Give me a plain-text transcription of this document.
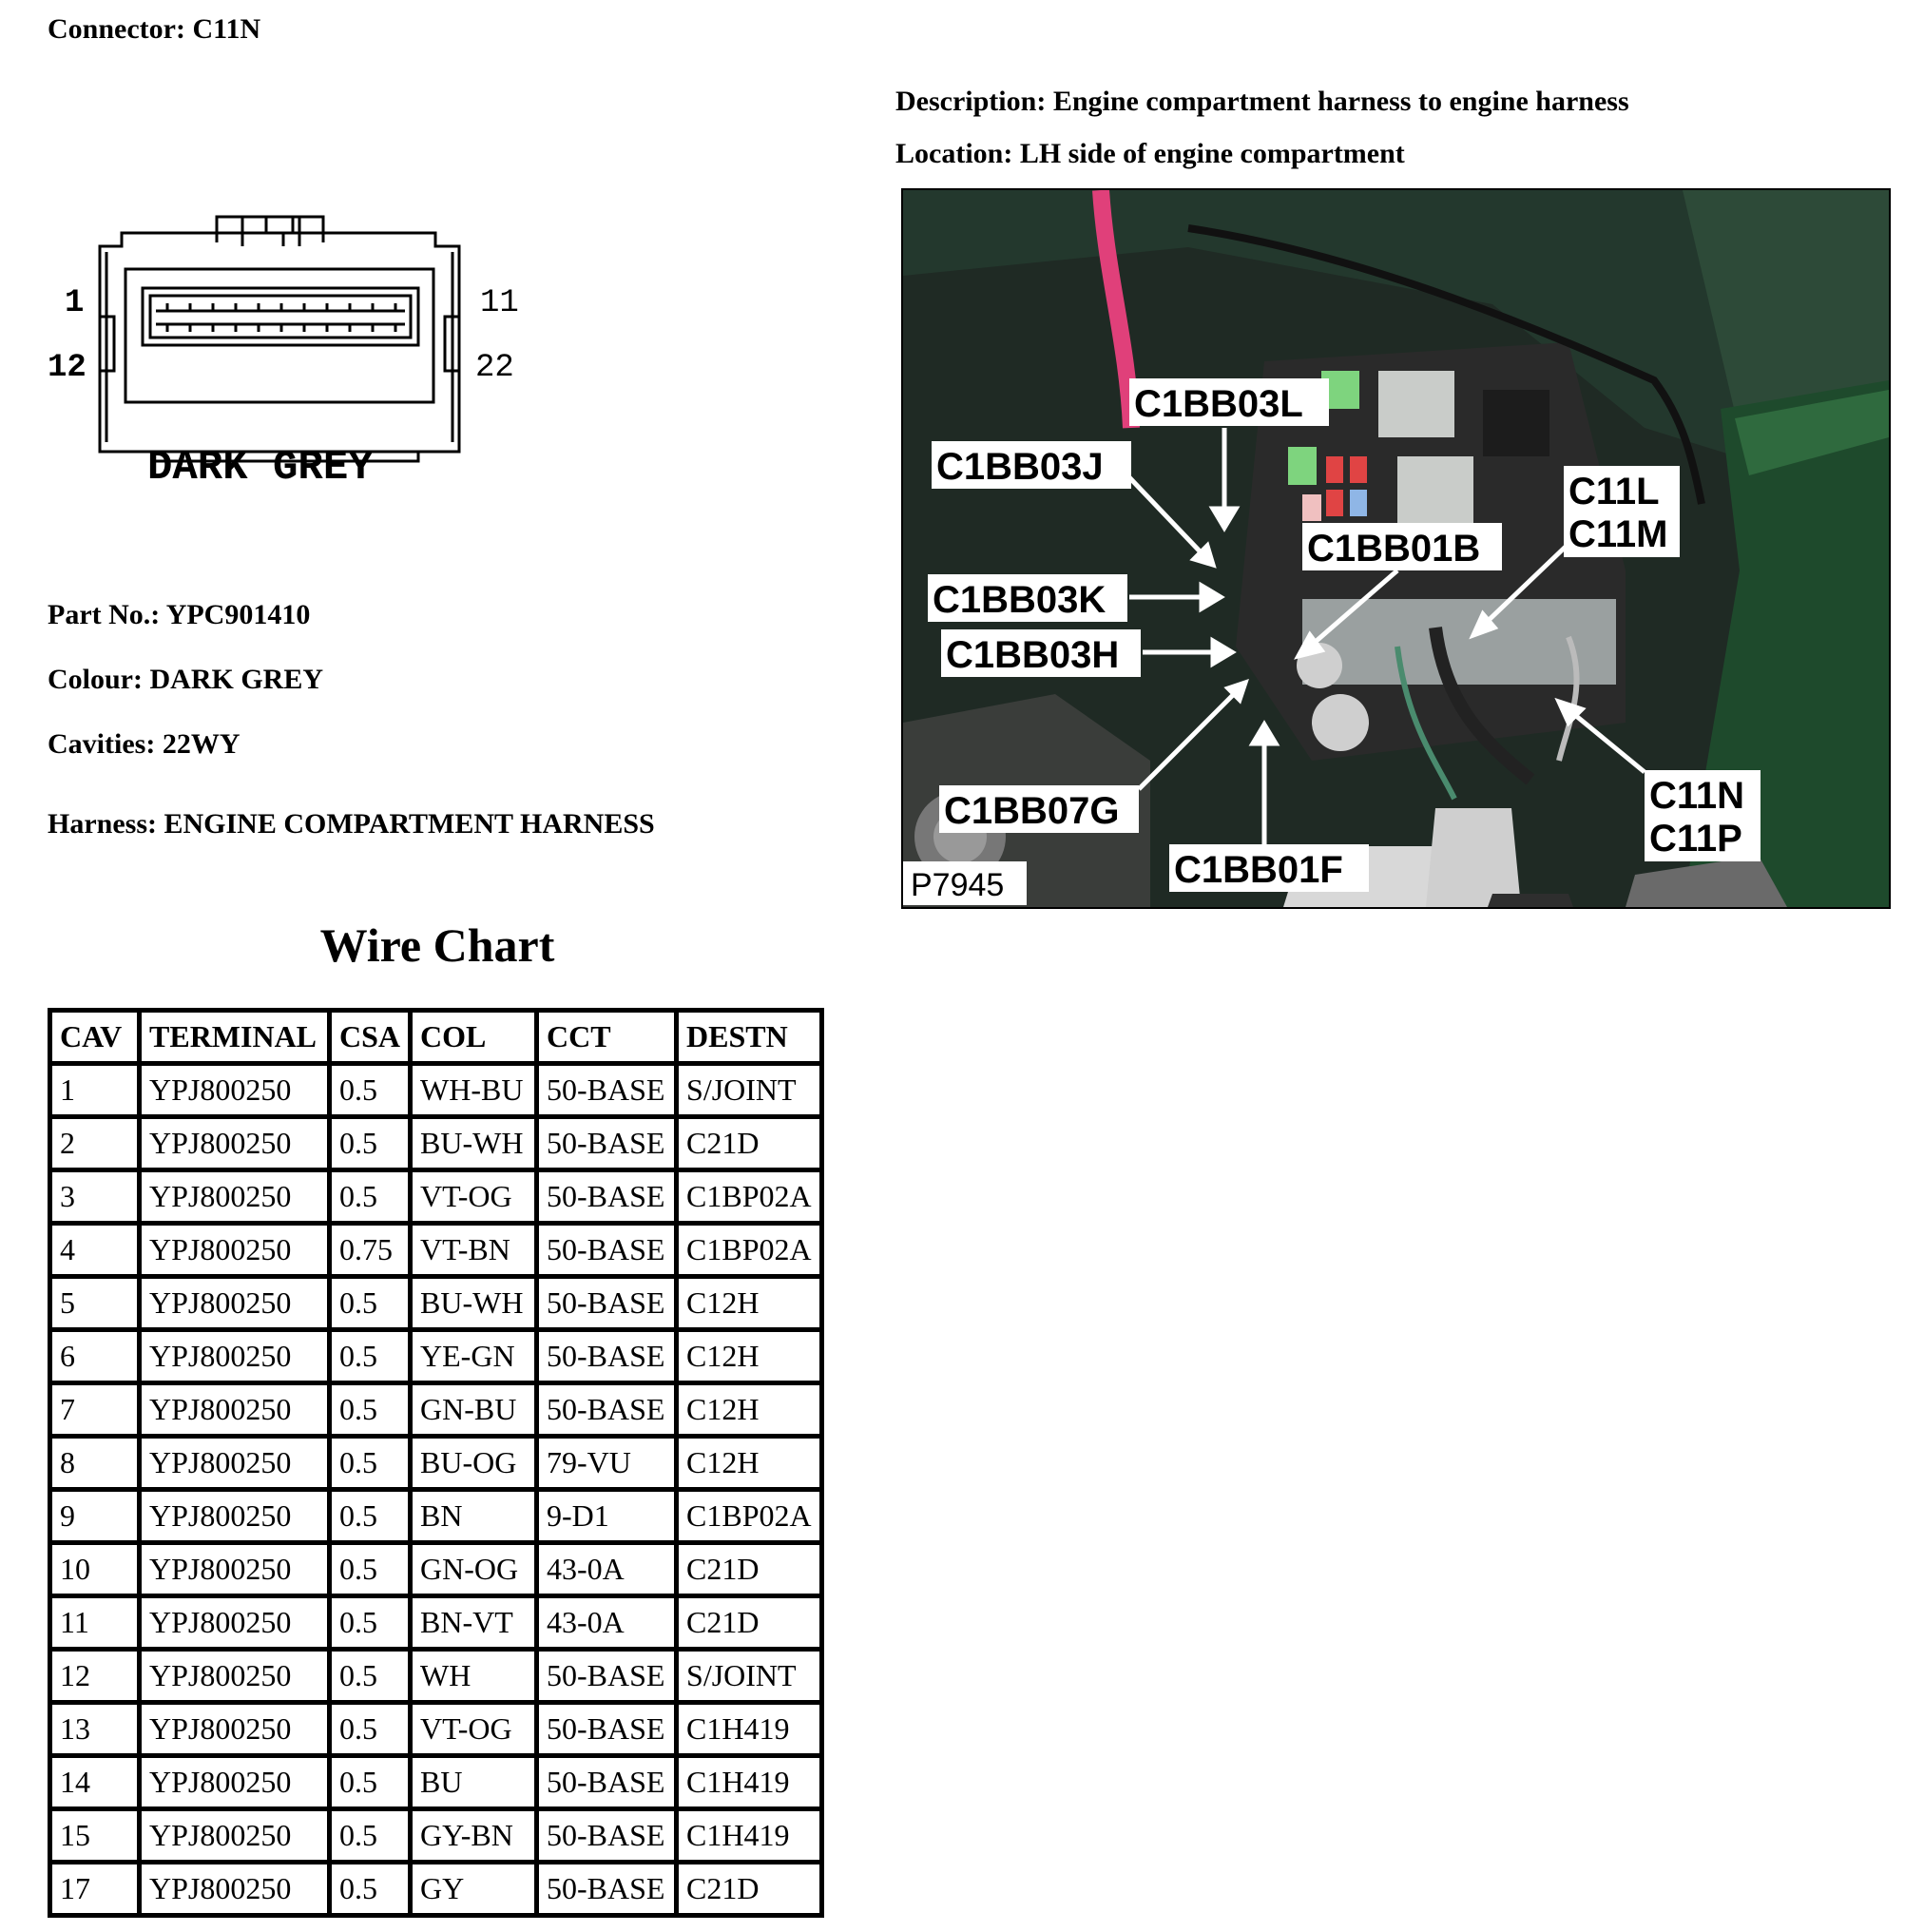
Connector: C11N
Description: Engine compartment harness to engine harness
Location: LH side of engine compartment
1
12
11
22
DARK GREY
Part No.: YPC901410
Colour: DARK GREY
Cavities: 22WY
Harness: ENGINE COMPARTMENT HARNESS
C1BB03L
C1BB03J
C1BB03K
C1BB03H
C1BB01B
C11L
C11M
C11N
C11P
C1BB07G
C1BB01F
P7945
Wire Chart
CAV	TERMINAL	CSA	COL	CCT	DESTN
1	YPJ800250	0.5	WH-BU	50-BASE	S/JOINT
2	YPJ800250	0.5	BU-WH	50-BASE	C21D
3	YPJ800250	0.5	VT-OG	50-BASE	C1BP02A
4	YPJ800250	0.75	VT-BN	50-BASE	C1BP02A
5	YPJ800250	0.5	BU-WH	50-BASE	C12H
6	YPJ800250	0.5	YE-GN	50-BASE	C12H
7	YPJ800250	0.5	GN-BU	50-BASE	C12H
8	YPJ800250	0.5	BU-OG	79-VU	C12H
9	YPJ800250	0.5	BN	9-D1	C1BP02A
10	YPJ800250	0.5	GN-OG	43-0A	C21D
11	YPJ800250	0.5	BN-VT	43-0A	C21D
12	YPJ800250	0.5	WH	50-BASE	S/JOINT
13	YPJ800250	0.5	VT-OG	50-BASE	C1H419
14	YPJ800250	0.5	BU	50-BASE	C1H419
15	YPJ800250	0.5	GY-BN	50-BASE	C1H419
17	YPJ800250	0.5	GY	50-BASE	C21D
